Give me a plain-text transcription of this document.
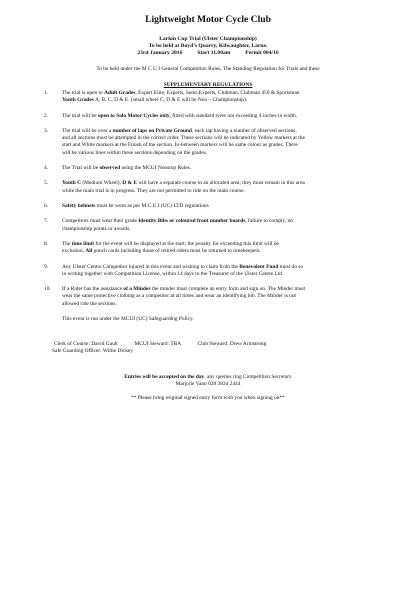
Lightweight Motor Cycle Club
Larkin Cup Trial (Ulster Championship)
To be held at Boyd’s Quarry, Kilwaughter, Larne.
23rd January 2016	Start 11.00am	Permit 004/16
To be held under the M C U I General Competition Rules, The Standing Regulation for Trials and these
SUPPLEMENTARY REGULATIONS
1.	The trial is open to Adult Grades, Expert Elite, Experts, Semi-Experts, Clubman, Clubman 450 & Sportsman
Youth Grades A, B, C, D & E. (small wheel C, D & E will be Non – Championship).
2.	The trial will be open to Solo Motor Cycles only, fitted with standard tyres not exceeding 4 inches in width.
3.	The trial will be over a number of laps on Private Ground, each lap having a number of observed sections,
and all sections must be attempted in the correct order. These sections will be indicated by Yellow markers at the
start and White markers at the Finish of the section. In-between markers will be same colour as grades. There
will be various lines within these sections depending on the grades.
4.	The Trial will be observed using the MCUI Nonstop Rules.
5.	Youth C (Medium Wheel), D & E will have a separate course in an allocated area; they must remain in this area
while the main trial is in progress. They are not permitted to ride on the main course.
6.	Safety helmets must be worn as per M.C.U.I (UC) LTD regulations
7.	Competitors must wear their grade Identity Bibs or coloured front number boards, failure to comply, no
championship points or awards.
8.	The time limit for the event will be displayed at the start; the penalty for exceeding this limit will be
exclusion. All punch cards including those of retired riders must be returned to timekeepers.
9.	Any Ulster Centre Competitor injured in this event and wishing to claim from the Benevolent Fund must do so
in writing together with Competition License, within 14 days to the Treasurer of the Ulster Centre Ltd.
10. If a Rider has the assistance of a Minder the minder must complete an entry form and sign on. The Minder must
wear the same protective clothing as a competitor at all times and wear an identifying bib. The Minder is not
allowed ride the sections.
This event is run under the MCUI (UC) Safeguarding Policy.
Clerk of Course: David Gault	MCUI Steward: TBA	Club Steward: Drew Armstrong
Safe Guarding Officer: Willie Dickey
Entries will be accepted on the day, any queries ring Competition Secretary
Marjorie Vann 028 3834 2444
** Please bring original signed entry form with you when signing on**
